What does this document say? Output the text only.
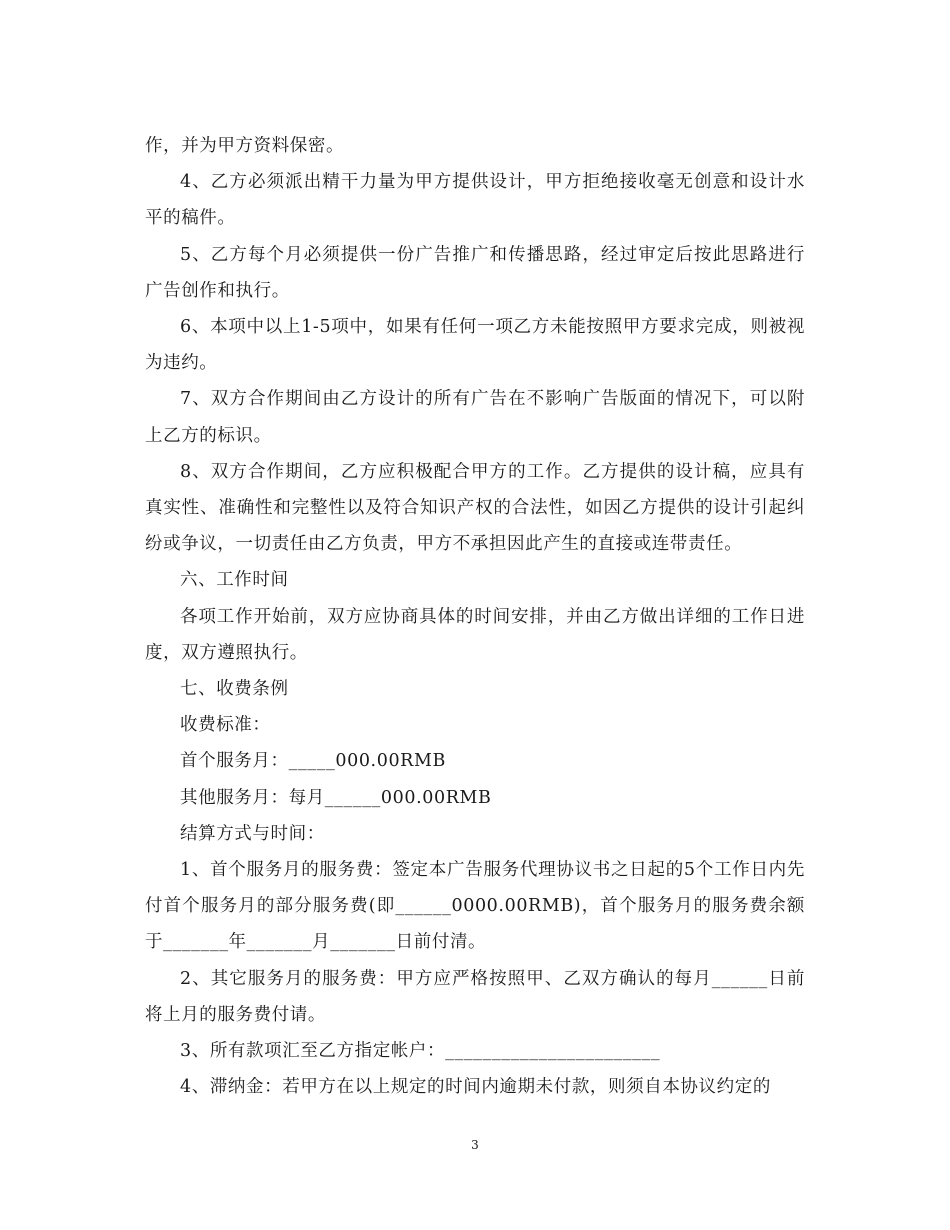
作，并为甲方资料保密。

4、乙方必须派出精干力量为甲方提供设计，甲方拒绝接收毫无创意和设计水平的稿件。

5、乙方每个月必须提供一份广告推广和传播思路，经过审定后按此思路进行广告创作和执行。

6、本项中以上1-5项中，如果有任何一项乙方未能按照甲方要求完成，则被视为违约。

7、双方合作期间由乙方设计的所有广告在不影响广告版面的情况下，可以附上乙方的标识。

8、双方合作期间，乙方应积极配合甲方的工作。乙方提供的设计稿，应具有真实性、准确性和完整性以及符合知识产权的合法性，如因乙方提供的设计引起纠纷或争议，一切责任由乙方负责，甲方不承担因此产生的直接或连带责任。

六、工作时间

各项工作开始前，双方应协商具体的时间安排，并由乙方做出详细的工作日进度，双方遵照执行。

七、收费条例

收费标准：

首个服务月：_____000.00RMB

其他服务月：每月______000.00RMB

结算方式与时间：

1、首个服务月的服务费：签定本广告服务代理协议书之日起的5个工作日内先付首个服务月的部分服务费(即______0000.00RMB)，首个服务月的服务费余额于_______年_______月_______日前付清。

2、其它服务月的服务费：甲方应严格按照甲、乙双方确认的每月______日前将上月的服务费付请。

3、所有款项汇至乙方指定帐户：_______________________

4、滞纳金：若甲方在以上规定的时间内逾期未付款，则须自本协议约定的

3
